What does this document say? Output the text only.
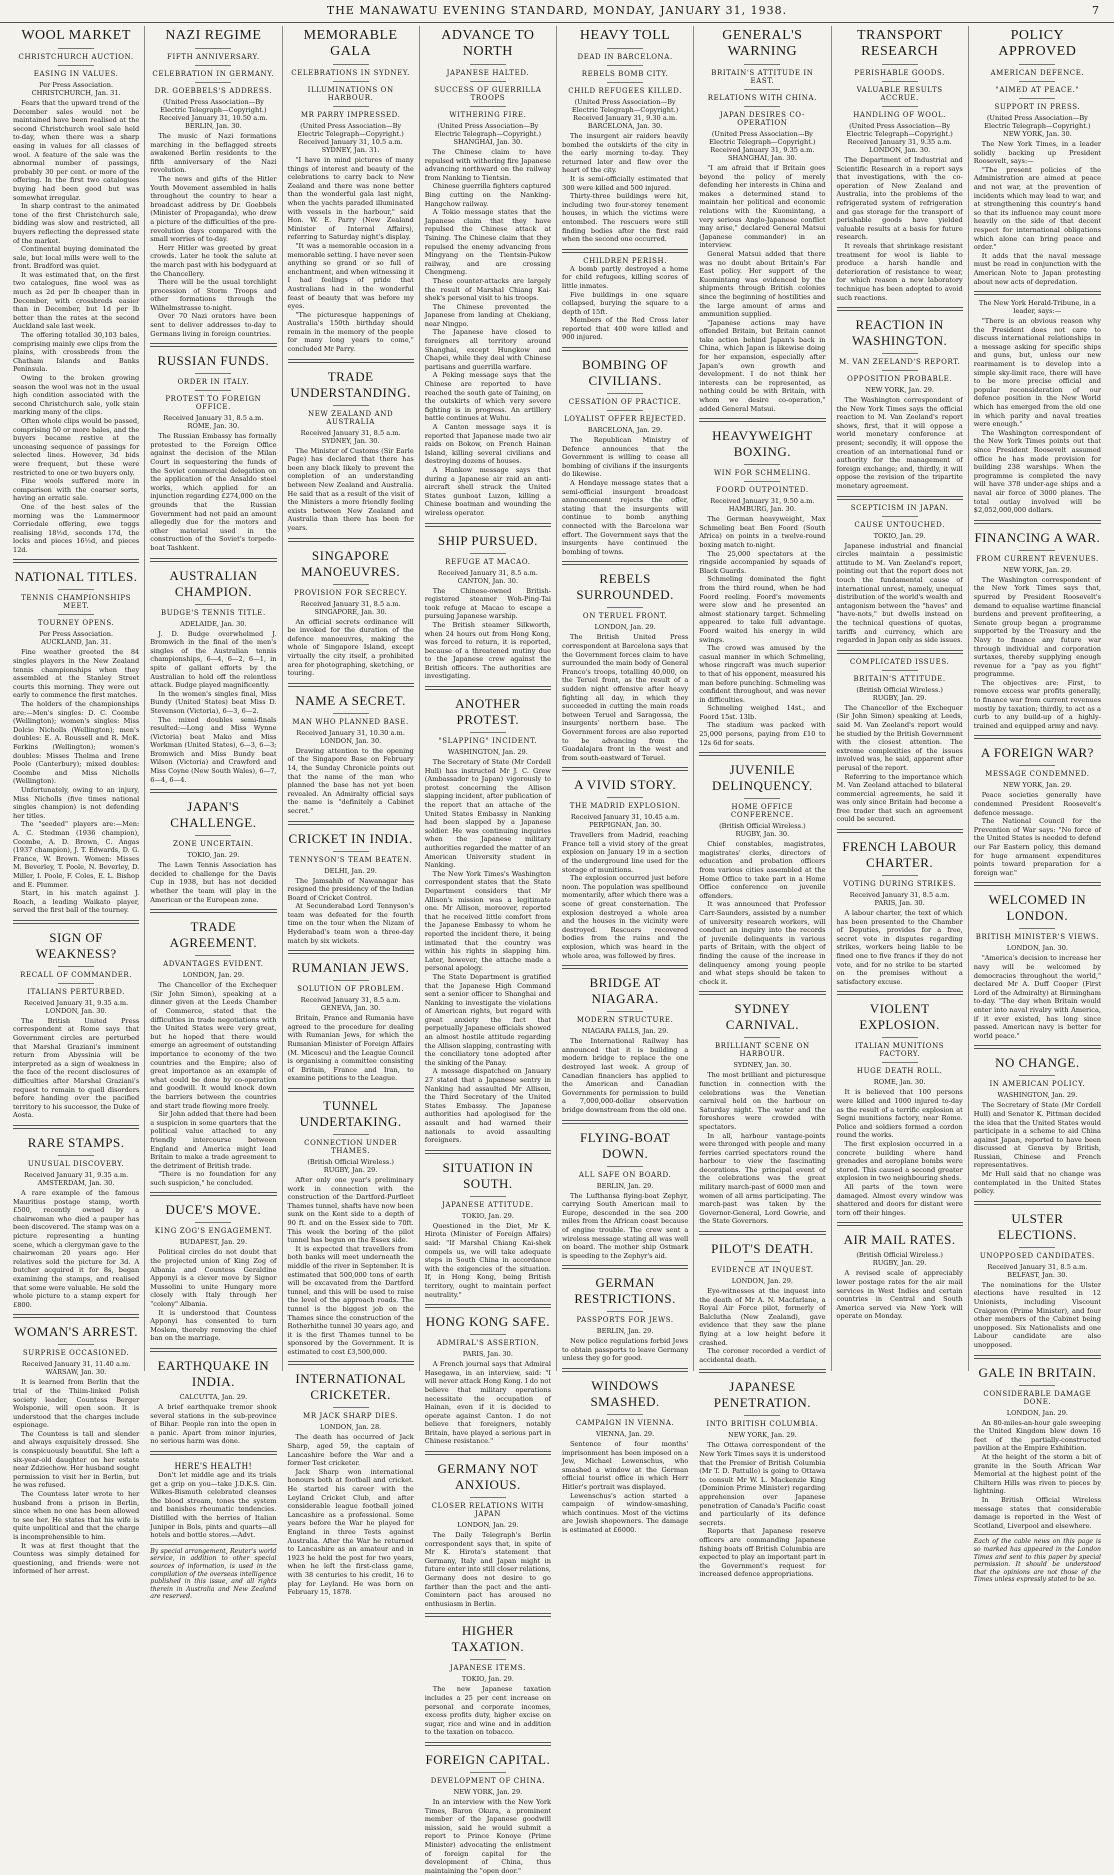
THE MANAWATU EVENING STANDARD, MONDAY, JANUARY 31, 1938.	7
WOOL MARKET
CHRISTCHURCH AUCTION.
EASING IN VALUES.
Per Press Association.
CHRISTCHURCH, Jan. 31.

Fears that the upward trend of the December sales would not be maintained have been realised at the second Christchurch wool sale held to-day, when there was a sharp easing in values for all classes of wool. A feature of the sale was the abnormal number of passings, probably 30 per cent. or more of the offering. In the first two catalogues buying had been good but was somewhat irregular.

In sharp contrast to the animated tone of the first Christchurch sale, bidding was slow and restricted, all buyers reflecting the depressed state of the market.

Continental buying dominated the sale, but local mills were well to the front. Bradford was quiet.

It was estimated that, on the first two catalogues, fine wool was as much as 2d per lb cheaper than in December, with crossbreds easier than in December, but 1d per lb better than the rates at the second Auckland sale last week.

The offering totalled 30,103 bales, comprising mainly ewe clips from the plains, with crossbreds from the Chatham Islands and Banks Peninsula.

Owing to the broken growing season the wool was not in the usual high condition associated with the second Christchurch sale, yolk stain marking many of the clips.

Often whole clips would be passed, comprising 50 or more bales, and the buyers became restive at the unceasing sequence of passings for selected lines. However, 3d bids were frequent, but these were restricted to one or two buyers only.

Fine wools suffered more in comparison with the coarser sorts, having an erratic sale.

One of the best sales of the morning was the Lammermoor Corriedale offering, ewe toggs realising 18½d, seconds 17d, the locks and pieces 16½d, and pieces 12d.

NATIONAL TITLES.
TENNIS CHAMPIONSHIPS MEET.
TOURNEY OPENS.
Per Press Association.
AUCKLAND, Jan. 31.

Fine weather greeted the 84 singles players in the New Zealand tennis championships when they assembled at the Stanley Street courts this morning. They were out early to commence the first matches.

The holders of the championships are:—Men's singles: D. C. Coombe (Wellington); women's singles: Miss Dolcie Nicholls (Wellington); men's doubles: E. A. Roussell and R. McK. Ferkins (Wellington); women's doubles: Misses Thelma and Irene Poole (Canterbury); mixed doubles: Coombe and Miss Nicholls (Wellington).

Unfortunately, owing to an injury, Miss Nicholls (five times national singles champion) is not defending her titles.

The "seeded" players are:—Men: A. C. Stedman (1936 champion), Coombe, A. D. Brown, C. Angas (1937 champion), J. T. Edwards, D. G. France, W. Brown. Women: Misses M. Beverley, T. Poole, N. Beverley, D. Miller, I. Poole, F. Coles, E. L. Bishop and E. Plummer.

Start, in his match against J. Roach, a leading Waikato player, served the first ball of the tourney.

SIGN OF WEAKNESS?
RECALL OF COMMANDER.
ITALIANS PERTURBED.
Received January 31, 9.35 a.m.
LONDON, Jan. 30.

The British United Press correspondent at Rome says that Government circles are perturbed that Marshal Graziani's imminent return from Abyssinia will be interpreted as a sign of weakness in the face of the recent disclosures of difficulties after Marshal Graziani's request to remain to quell disorders before handing over the pacified territory to his successor, the Duke of Aosta.

RARE STAMPS.
UNUSUAL DISCOVERY.
Received January 31, 9.35 a.m.
AMSTERDAM, Jan. 30.

A rare example of the famous Mauritius postage stamp, worth £500, recently owned by a chairwoman who died a pauper has been discovered. The stamp was on a picture representing a hunting scene, which a clergyman gave to the chairwoman 20 years ago. Her relatives sold the picture for 3d. A butcher acquired it for 8s, began examining the stamps, and realised that some were valuable. He sold the whole picture to a stamp expert for £800.

WOMAN'S ARREST.
SURPRISE OCCASIONED.
Received January 31, 11.40 a.m.
WARSAW, Jan. 30.

It is learned from Berlin that the trial of the Thiim-linked Polish society leader, Countess Berger Wolsponie, will open soon. It is understood that the charges include espionage.

The Countess is tall and slender and always exquisitely dressed. She is conspicuously beautiful. She left a six-year-old daughter on her estate near Zdziechow. Her husband sought permission to visit her in Berlin, but he was refused.

The Countess later wrote to her husband from a prison in Berlin, since when no one has been allowed to see her. He states that his wife is quite unpolitical and that the charge is incomprehensible to him.

It was at first thought that the Countess was simply detained for questioning, and friends were not informed of her arrest.

NAZI REGIME
FIFTH ANNIVERSARY.
CELEBRATION IN GERMANY.
DR. GOEBBELS'S ADDRESS.
(United Press Association—By Electric Telegraph—Copyright.)
Received January 31, 10.50 a.m.
BERLIN, Jan. 30.

The music of Nazi formations marching in the beflagged streets awakened Berlin residents to the fifth anniversary of the Nazi revolution.

The news and gifts of the Hitler Youth Movement assembled in halls throughout the country to hear a broadcast address by Dr. Goebbels (Minister of Propaganda), who drew a picture of the difficulties of the pre-revolution days compared with the small worries of to-day.

Herr Hitler was greeted by great crowds. Later he took the salute at the march past with his bodyguard at the Chancellery.

There will be the usual torchlight procession of Storm Troops and other formations through the Wilhelmstrasse to-night.

Over 70 Nazi orators have been sent to deliver addresses to-day to Germans living in foreign countries.

RUSSIAN FUNDS.
ORDER IN ITALY.
PROTEST TO FOREIGN OFFICE.
Received January 31, 8.5 a.m.
ROME, Jan. 30.

The Russian Embassy has formally protested to the Foreign Office against the decision of the Milan Court in sequestering the funds of the Soviet commercial delegation on the application of the Ansaldo steel works, which applied for an injunction regarding £274,000 on the grounds that the Russian Government had not paid an amount allegedly due for the motors and other material used in the construction of the Soviet's torpedo-boat Tashkent.

AUSTRALIAN CHAMPION.
BUDGE'S TENNIS TITLE.
ADELAIDE, Jan. 30.

J. D. Budge overwhelmed J. Bromwich in the final of the men's singles of the Australian tennis championships, 6—4, 6—2, 6—1, in spite of gallant efforts by the Australian to hold off the relentless attack. Budge played magnificently.

In the women's singles final, Miss Bundy (United States) beat Miss D. Stevenson (Victoria), 6—3, 6—2.

The mixed doubles semi-finals resulted:—Long and Miss Wynne (Victoria) beat Mako and Miss Workman (United States), 6—3, 6—3; Bromwich and Miss Bundy beat Wilson (Victoria) and Crawford and Miss Coyne (New South Wales), 6—7, 6—4, 6—4.

JAPAN'S CHALLENGE.
ZONE UNCERTAIN.
TOKIO, Jan. 29.

The Lawn Tennis Association has decided to challenge for the Davis Cup in 1938, but has not decided whether the team will play in the American or the European zone.

TRADE AGREEMENT.
ADVANTAGES EVIDENT.
LONDON, Jan. 29.

The Chancellor of the Exchequer (Sir John Simon), speaking at a dinner given at the Leeds Chamber of Commerce, stated that the difficulties in trade negotiations with the United States were very great, but he hoped that there would emerge an agreement of outstanding importance to economy of the two countries and the Empire; also of great importance as an example of what could be done by co-operation and goodwill. It would knock down the barriers between the countries and start trade flowing more freely.

Sir John added that there had been a suspicion in some quarters that the political value attached to any friendly intercourse between England and America might lead Britain to make a trade agreement to the detriment of British trade.

"There is no foundation for any such suspicion," he concluded.

DUCE'S MOVE.
KING ZOG'S ENGAGEMENT.
BUDAPEST, Jan. 29.

Political circles do not doubt that the projected union of King Zog of Albania and Countess Geraldine Apponyi is a clever move by Signor Mussolini to unite Hungary more closely with Italy through her "colony" Albania.

It is understood that Countess Apponyi has consented to turn Moslem, thereby removing the chief ban on the marriage.

EARTHQUAKE IN INDIA.
CALCUTTA, Jan. 29.

A brief earthquake tremor shook several stations in the sub-province of Bihar. People ran into the open in a panic. Apart from minor injuries, no serious harm was done.

HERE'S HEALTH!

Don't let middle age and its trials get a grip on you—take J.D.K.S. Gin. Wilkes-Bismuth celebrated cleanses the blood stream, tones the system and banishes rheumatic tendencies. Distilled with the berries of Italian Juniper in Bols, pints and quarts—all hotels and bottle stores.—Advt.

By special arrangement, Reuter's world service, in addition to other special sources of information, is used in the compilation of the overseas intelligence published in this issue, and all rights therein in Australia and New Zealand are reserved.
MEMORABLE GALA
CELEBRATIONS IN SYDNEY.
ILLUMINATIONS ON HARBOUR.
MR PARRY IMPRESSED.
(United Press Association—By Electric Telegraph—Copyright.)
Received January 31, 10.5 a.m.
SYDNEY, Jan. 31.

"I have in mind pictures of many things of interest and beauty of the celebrations to carry back to New Zealand and there was none better than the wonderful gala last night, when the yachts paraded illuminated with vessels in the harbour," said Hon. W. E. Parry (New Zealand Minister of Internal Affairs), referring to Saturday night's display.

"It was a memorable occasion in a memorable setting. I have never seen anything so grand or so full of enchantment, and when witnessing it I had feelings of pride that Australians had in the wonderful feast of beauty that was before my eyes.

"The picturesque happenings of Australia's 150th birthday should remain in the memory of the people for many long years to come," concluded Mr Parry.

TRADE UNDERSTANDING.
NEW ZEALAND AND AUSTRALIA
Received January 31, 8.5 a.m.
SYDNEY, Jan. 30.

The Minister of Customs (Sir Earle Page) has declared that there has been any black likely to prevent the completion of an understanding between New Zealand and Australia. He said that as a result of the visit of the Ministers a more friendly feeling exists between New Zealand and Australia than there has been for years.

SINGAPORE MANOEUVRES.
PROVISION FOR SECRECY.
Received January 31, 8.5 a.m.
SINGAPORE, Jan. 30.

An official secrets ordinance will be invoked for the duration of the defence manoeuvres, making the whole of Singapore Island, except virtually the city itself, a prohibited area for photographing, sketching, or touring.

NAME A SECRET.
MAN WHO PLANNED BASE.
Received January 31, 10.30 a.m.
LONDON, Jan. 30.

Drawing attention to the opening of the Singapore Base on February 14, the Sunday Chronicle points out that the name of the man who planned the base has not yet been revealed. An Admiralty official says the name is "definitely a Cabinet secret."

CRICKET IN INDIA.
TENNYSON'S TEAM BEATEN.
DELHI, Jan. 29.

The Jamsahib of Nawanagar has resigned the presidency of the Indian Board of Cricket Control.

At Secunderabad Lord Tennyson's team was defeated for the fourth time on the tour when the Nizam of Hyderabad's team won a three-day match by six wickets.

RUMANIAN JEWS.
SOLUTION OF PROBLEM.
Received January 31, 8.5 a.m.
GENEVA, Jan. 30.

Britain, France and Rumania have agreed to the procedure for dealing with Rumanian Jews, for which the Rumanian Minister of Foreign Affairs (M. Micescu) and the League Council is organising a committee consisting of Britain, France and Iran, to examine petitions to the League.

TUNNEL UNDERTAKING.
CONNECTION UNDER THAMES.
(British Official Wireless.)
RUGBY, Jan. 29.

After only one year's preliminary work in connection with the construction of the Dartford-Purfleet Thames tunnel, shafts have now been sunk on the Kent side to a depth of 90 ft. and on the Essex side to 70ft. This week the boring of the pilot tunnel has begun on the Essex side.

It is expected that travellers from both banks will meet underneath the middle of the river in September. It is estimated that 500,000 tons of earth will be excavated from the Dartford tunnel, and this will be used to raise the level of the approach roads. The tunnel is the biggest job on the Thames since the construction of the Rotherhithe tunnel 30 years ago, and it is the first Thames tunnel to be sponsored by the Government. It is estimated to cost £3,500,000.

INTERNATIONAL CRICKETER.
MR JACK SHARP DIES.
LONDON, Jan. 28.

The death has occurred of Jack Sharp, aged 59, the captain of Lancashire before the War and a former Test cricketer.

Jack Sharp won international honours both at football and cricket. He started his career with the Leyland Cricket Club, and after considerable league football joined Lancashire as a professional. Some years before the War he played for England in three Tests against Australia. After the War he returned to Lancashire as an amateur and in 1923 he held the post for two years, when he left the first-class game, with 38 centuries to his credit, 16 to play for Leyland. He was born on February 15, 1878.

ADVANCE TO NORTH
JAPANESE HALTED.
SUCCESS OF GUERRILLA TROOPS
WITHERING FIRE.
(United Press Association—By Electric Telegraph—Copyright.)
SHANGHAI, Jan. 30.

The Chinese claim to have repulsed with withering fire Japanese advancing northward on the railway from Nanking to Tientsin.

Chinese guerrilla fighters captured Bing cutting on the Nanking-Hangchow railway.

A Tokio message states that the Japanese claim that they have repulsed the Chinese attack at Tsining. The Chinese claim that they repulsed the enemy advancing from Mingyang on the Tientsin-Pukow railway, and are crossing Chengmeng.

These counter-attacks are largely the result of Marshal Chiang Kai-shek's personal visit to his troops.

The Chinese prevented the Japanese from landing at Chekiang, near Ningpo.

The Japanese have closed to foreigners all territory around Shanghai, except Hungkow and Chapei, while they deal with Chinese partisans and guerrilla warfare.

A Peking message says that the Chinese are reported to have reached the south gate of Taining, on the outskirts of which very severe fighting is in progress. An artillery battle continues at Wuhu.

A Canton message says it is reported that Japanese made two air raids on Bokow, on French Hainan Island, killing several civilians and destroying dozens of houses.

A Hankow message says that during a Japanese air raid an anti-aircraft shell struck the United States gunboat Luzon, killing a Chinese boatman and wounding the wireless operator.

SHIP PURSUED.
REFUGE AT MACAO.
Received January 31, 8.5 a.m.
CANTON, Jan. 30.

The Chinese-owned British-registered steamer Woh-Ping-Tai took refuge at Macao to escape a pursuing Japanese warship.

The British steamer Silkworth, when 24 hours out from Hong Kong, was forced to return, it is reported, because of a threatened mutiny due to the Japanese crew against the British officers. The authorities are investigating.

ANOTHER PROTEST.
"SLAPPING" INCIDENT.
WASHINGTON, Jan. 29.

The Secretary of State (Mr Cordell Hull) has instructed Mr J. C. Grew (Ambassador to Japan) vigorously to protest concerning the Allison slapping incident, after publication of the report that an attache of the United States Embassy in Nanking had been slapped by a Japanese soldier. He was continuing inquiries when the Japanese military authorities regarded the matter of an American University student in Nanking.

The New York Times's Washington correspondent states that the State Department considers that Mr Allison's mission was a legitimate one. Mr Allison, moreover, reported that he received little comfort from the Japanese Embassy to whom he reported the incident there, it being intimated that the country was within his rights in slapping him. Later, however, the attache made a personal apology.

The State Department is gratified that the Japanese High Command sent a senior officer to Shanghai and Nanking to investigate the violations of American rights, but regard with great anxiety the fact that perpetually Japanese officials showed an almost hostile attitude regarding the Allison slapping, contrasting with the conciliatory tone adopted after the sinking of the Panay.

A message dispatched on January 27 stated that a Japanese sentry in Nanking had assaulted Mr Allison, the Third Secretary of the United States Embassy. The Japanese authorities had apologised for the assault and had warned their nationals to avoid assaulting foreigners.

SITUATION IN SOUTH.
JAPANESE ATTITUDE.
TOKIO, Jan. 29.

Questioned in the Diet, Mr K. Hirota (Minister of Foreign Affairs) said: "If Marshal Chiang Kai-shek compels us, we will take adequate steps in South China in accordance with the exigencies of the situation. If, in Hong Kong, being British territory, ought to maintain perfect neutrality."

HONG KONG SAFE.
ADMIRAL'S ASSERTION.
PARIS, Jan. 30.

A French journal says that Admiral Hasegawa, in an interview, said: "I will never attack Hong Kong. I do not believe that military operations necessitate the occupation of Hainan, even if it is decided to operate against Canton. I do not believe that foreigners, notably Britain, have played a serious part in Chinese resistance."

GERMANY NOT ANXIOUS.
CLOSER RELATIONS WITH JAPAN
LONDON, Jan. 29.

The Daily Telegraph's Berlin correspondent says that, in spite of Mr K. Hirota's statement that Germany, Italy and Japan might in future enter into still closer relations, Germany does not desire to go farther than the pact and the anti-Comintern pact has aroused no enthusiasm in Berlin.

HIGHER TAXATION.
JAPANESE ITEMS.
TOKIO, Jan. 29.

The new Japanese taxation includes a 25 per cent increase on personal and corporate incomes, excess profits duty, higher excise on sugar, rice and wine and in addition to the taxation on tobacco.

FOREIGN CAPITAL.
DEVELOPMENT OF CHINA.
NEW YORK, Jan. 29.

In an interview with the New York Times, Baron Okura, a prominent member of the Japanese goodwill mission, said he would submit a report to Prince Konoye (Prime Minister) advocating the enlistment of foreign capital for the development of China, thus maintaining the "open door."

HEAVY TOLL
DEAD IN BARCELONA.
REBELS BOMB CITY.
CHILD REFUGEES KILLED.
(United Press Association—By Electric Telegraph—Copyright.)
Received January 31, 9.30 a.m.
BARCELONA, Jan. 30.

The insurgent air raiders heavily bombed the outskirts of the city in the early morning to-day. They returned later and flew over the heart of the city.

It is semi-officially estimated that 300 were killed and 500 injured.

Thirty-three buildings were hit, including two four-storey tenement houses, in which the victims were entombed. The rescuers were still finding bodies after the first raid when the second one occurred.

CHILDREN PERISH.

A bomb partly destroyed a home for child refugees, killing scores of little inmates.

Five buildings in one square collapsed, burying the square to a depth of 15ft.

Members of the Red Cross later reported that 400 were killed and 900 injured.

BOMBING OF CIVILIANS.
CESSATION OF PRACTICE.
LOYALIST OFFER REJECTED.
BARCELONA, Jan. 29.

The Republican Ministry of Defence announces that the Government is willing to cease all bombing of civilians if the insurgents do likewise.

A Hendaye message states that a semi-official insurgent broadcast announcement rejects the offer, stating that the insurgents will continue to bomb anything connected with the Barcelona war effort. The Government says that the insurgents have continued the bombing of towns.

REBELS SURROUNDED.
ON TERUEL FRONT.
LONDON, Jan. 29.

The British United Press correspondent at Barcelona says that the Government forces claim to have surrounded the main body of General Franco's troops, totalling 40,000, on the Teruel front, as the result of a sudden night offensive after heavy fighting all day, in which they succeeded in cutting the main roads between Teruel and Saragossa, the insurgents' northern base. The Government forces are also reported to be advancing from the Guadalajara front in the west and from south-eastward of Teruel.

A VIVID STORY.
THE MADRID EXPLOSION.
Received January 31, 10.45 a.m.
PERPIGNAN, Jan. 30.

Travellers from Madrid, reaching France tell a vivid story of the great explosion on January 19 in a section of the underground line used for the storage of munitions.

The explosion occurred just before noon. The population was spellbound momentarily, after which there was a scene of great consternation. The explosion destroyed a whole area and the houses in the vicinity were destroyed. Rescuers recovered bodies from the ruins and the explosion, which was heard in the whole area, was followed by fires.

BRIDGE AT NIAGARA.
MODERN STRUCTURE.
NIAGARA FALLS, Jan. 29.

The International Railway has announced that it is building a modern bridge to replace the one destroyed last week. A group of Canadian financiers has applied to the American and Canadian Governments for permission to build a 7,000,000-dollar observation bridge downstream from the old one.

FLYING-BOAT DOWN.
ALL SAFE ON BOARD.
BERLIN, Jan. 29.

The Lufthansa flying-boat Zephyr, carrying South American mail to Europe, descended in the sea 200 miles from the African coast because of engine trouble. The crew sent a wireless message stating all was well on board. The mother ship Ostmark is speeding to the Zephyr's aid.

GERMAN RESTRICTIONS.
PASSPORTS FOR JEWS.
BERLIN, Jan. 29.

New police regulations forbid Jews to obtain passports to leave Germany unless they go for good.

WINDOWS SMASHED.
CAMPAIGN IN VIENNA.
VIENNA, Jan. 29.

Sentence of four months' imprisonment has been imposed on a Jew, Michael Lewenschus, who smashed a window at the German official tourist office in which Herr Hitler's portrait was displayed.

Lewenschus's action started a campaign of window-smashing, which continues. Most of the victims are Jewish shopowners. The damage is estimated at £6000.

GENERAL'S WARNING
BRITAIN'S ATTITUDE IN EAST.
RELATIONS WITH CHINA.
JAPAN DESIRES CO-OPERATION
(United Press Association—By Electric Telegraph—Copyright.)
Received January 31, 9.35 a.m.
SHANGHAI, Jan. 30.

"I am afraid that if Britain goes beyond the policy of merely defending her interests in China and makes a determined stand to maintain her political and economic relations with the Kuomintang, a very serious Anglo-Japanese conflict may arise," declared General Matsui (Japanese commander) in an interview.

General Matsui added that there was no doubt about Britain's Far East policy. Her support of the Kuomintang was evidenced by the shipments through British colonies since the beginning of hostilities and the large amount of arms and ammunition supplied.

"Japanese actions may have offended Britain, but Britain cannot take action behind Japan's back in China, which Japan is likewise doing for her expansion, especially after Japan's own growth and development. I do not think her interests can be represented, as nothing could be with Britain, with whom we desire co-operation," added General Matsui.

HEAVYWEIGHT BOXING.
WIN FOR SCHMELING.
FOORD OUTPOINTED.
Received January 31, 9.50 a.m.
HAMBURG, Jan. 30.

The German heavyweight, Max Schmeling beat Ben Foord (South Africa) on points in a twelve-round boxing match to-night.

The 25,000 spectators at the ringside accompanied by squads of Black Guards.

Schmeling dominated the fight from the third round, when he had Foord reeling. Foord's movements were slow and he presented an almost stationary target. Schmeling appeared to take full advantage. Foord waited his energy in wild swings.

The crowd was amused by the casual manner in which Schmeling, whose ringcraft was much superior to that of his opponent, measured his man before punching. Schmeling was confident throughout, and was never in difficulties.

Schmeling weighed 14st., and Foord 15st. 13lb.

The stadium was packed with 25,000 persons, paying from £10 to 12s 6d for seats.

JUVENILE DELINQUENCY.
HOME OFFICE CONFERENCE.
(British Official Wireless.)
RUGBY, Jan. 30.

Chief constables, magistrates, magistrates' clerks, directors of education and probation officers from various cities assembled at the Home Office to take part in a Home Office conference on juvenile offenders.

It was announced that Professor Carr-Saunders, assisted by a number of university research workers, will conduct an inquiry into the records of juvenile delinquents in various parts of Britain, with the object of finding the cause of the increase in delinquency among young people and what steps should be taken to check it.

SYDNEY CARNIVAL.
BRILLIANT SCENE ON HARBOUR.
SYDNEY, Jan. 30.

The most brilliant and picturesque function in connection with the celebrations was the Venetian carnival held on the harbour on Saturday night. The water and the foreshores were crowded with spectators.

In all, harbour vantage-points were thronged with people and many ferries carried spectators round the harbour to view the fascinating decorations. The principal event of the celebrations was the great military march-past of 6000 men and women of all arms participating. The march-past was taken by the Governor-General, Lord Gowrie, and the State Governors.

PILOT'S DEATH.
EVIDENCE AT INQUEST.
LONDON, Jan. 29.

Eye-witnesses at the inquest into the death of Mr A. N. Macfarlane, a Royal Air Force pilot, formerly of Balclutha (New Zealand), gave evidence that they saw the plane flying at a low height before it crashed.

The coroner recorded a verdict of accidental death.

JAPANESE PENETRATION.
INTO BRITISH COLUMBIA.
NEW YORK, Jan. 29.

The Ottawa correspondent of the New York Times says it is understood that the Premier of British Columbia (Mr T. D. Pattullo) is going to Ottawa to consult Mr W. L. Mackenzie King (Dominion Prime Minister) regarding apprehension over Japanese penetration of Canada's Pacific coast and particularly of its defence secrets.

Reports that Japanese reserve officers are commanding Japanese fishing boats off British Columbia are expected to play an important part in the Government's request for increased defence appropriations.

TRANSPORT RESEARCH
PERISHABLE GOODS.
VALUABLE RESULTS ACCRUE.
HANDLING OF WOOL.
(United Press Association—By Electric Telegraph—Copyright.)
Received January 31, 9.35 a.m.
LONDON, Jan. 30.

The Department of Industrial and Scientific Research in a report says that investigations, with the co-operation of New Zealand and Australia, into the problems of the refrigerated system of refrigeration and gas storage for the transport of perishable goods have yielded valuable results at a basis for future research.

It reveals that shrinkage resistant treatment for wool is liable to produce a harsh handle and deterioration of resistance to wear, for which reason a new laboratory technique has been adopted to avoid such reactions.

REACTION IN WASHINGTON.
M. VAN ZEELAND'S REPORT.
OPPOSITION PROBABLE.
NEW YORK, Jan. 29.

The Washington correspondent of the New York Times says the official reaction to M. Van Zeeland's report shows, first, that it will oppose a world monetary conference at present; secondly, it will oppose the creation of an international fund or authority for the management of foreign exchange; and, thirdly, it will oppose the revision of the tripartite monetary agreement.

SCEPTICISM IN JAPAN.
CAUSE UNTOUCHED.
TOKIO, Jan. 29.

Japanese industrial and financial circles maintain a pessimistic attitude to M. Van Zeeland's report, pointing out that the report does not touch the fundamental cause of international unrest, namely, unequal distribution of the world's wealth and antagonism between the "haves" and "have-nots," but dwells instead on the technical questions of quotas, tariffs and currency, which are regarded in Japan only as side issues.

COMPLICATED ISSUES.
BRITAIN'S ATTITUDE.
(British Official Wireless.)
RUGBY, Jan. 29.

The Chancellor of the Exchequer (Sir John Simon) speaking at Leeds, said M. Van Zeeland's report would be studied by the British Government with the closest attention. The extreme complexities of the issues involved was, he said, apparent after perusal of the report.

Referring to the importance which M. Van Zeeland attached to bilateral commercial agreements, he said it was only since Britain had become a free trader that such an agreement could be secured.

FRENCH LABOUR CHARTER.
VOTING DURING STRIKES.
Received January 31, 8.5 a.m.
PARIS, Jan. 30.

A labour charter, the text of which has been presented to the Chamber of Deputies, provides for a free, secret vote in disputes regarding strikes, workers being liable to be fined one to five francs if they do not vote, and for no strike to be started on the premises without a satisfactory excuse.

VIOLENT EXPLOSION.
ITALIAN MUNITIONS FACTORY.
HUGE DEATH ROLL.
ROME, Jan. 30.

It is believed that 100 persons were killed and 1000 injured to-day as the result of a terrific explosion at Segni munitions factory, near Rome. Police and soldiers formed a cordon round the works.

The first explosion occurred in a concrete building where hand grenades and aeroplane bombs were stored. This caused a second greater explosion in two neighbouring sheds.

All parts of the town were damaged. Almost every window was shattered and doors for distant were torn off their hinges.

AIR MAIL RATES.
(British Official Wireless.)
RUGBY, Jan. 29.

A revised scale of appreciably lower postage rates for the air mail services in West Indies and certain countries in Central and South America served via New York will operate on Monday.

POLICY APPROVED
AMERICAN DEFENCE.
"AIMED AT PEACE."
SUPPORT IN PRESS.
(United Press Association—By Electric Telegraph—Copyright.)
NEW YORK, Jan. 30.

The New York Times, in a leader solidly backing up President Roosevelt, says:—

"The present policies of the Administration are aimed at peace and not war, at the prevention of incidents which may lead to war, and at strengthening this country's hand so that its influence may count more heavily on the side of that decent respect for international obligations which alone can bring peace and order."

It adds that the naval message must be read in conjunction with the American Note to Japan protesting about new acts of depredation.

The New York Herald-Tribune, in a leader, says:—

"There is an obvious reason why the President does not care to discuss international relationships in a message asking for specific ships and guns, but, unless our new rearmament is to develop into a simple sky-limit race, there will have to be more precise official and popular reconsideration of our defence position in the New World which has emerged from the old one in which parity and naval treaties were enough."

The Washington correspondent of the New York Times points out that since President Roosevelt assumed office he has made provision for building 238 warships. When the programme is completed the navy will have 378 under-age ships and a naval air force of 3000 planes. The total outlay involved will be $2,052,000,000 dollars.

FINANCING A WAR.
FROM CURRENT REVENUES.
NEW YORK, Jan. 29.

The Washington correspondent of the New York Times says that, spurred by President Roosevelt's demand to equalise wartime financial burdens and prevent profiteering, a Senate group began a programme supported by the Treasury and the Navy to finance any future war through individual and corporation surtaxes, thereby supplying enough revenue for a "pay as you fight" programme.

The objectives are: First, to remove excess war profits generally, to finance war from current revenues mostly by taxation; thirdly, to act as a curb to any build-up of a highly-trained and equipped army and navy.

A FOREIGN WAR?
MESSAGE CONDEMNED.
NEW YORK, Jan. 29.

Peace societies generally have condemned President Roosevelt's defence message.

The National Council for the Prevention of War says: "No force of the United States is needed to defend our Far Eastern policy, this demand for huge armament expenditures points toward preparation for a foreign war."

WELCOMED IN LONDON.
BRITISH MINISTER'S VIEWS.
LONDON, Jan. 30.

"America's decision to increase her navy will be welcomed by democracies throughout the world," declared Mr A. Duff Cooper (First Lord of the Admiralty) at Birmingham to-day. "The day when Britain would enter into naval rivalry with America, if it ever existed, has long since passed. American navy is better for world peace."

NO CHANGE.
IN AMERICAN POLICY.
WASHINGTON, Jan. 29.

The Secretary of State (Mr Cordell Hull) and Senator K. Pittman decided the idea that the United States would participate in a scheme to aid China against Japan, reported to have been discussed at Geneva by British, Russian, Chinese and French representatives.

Mr Hull said that no change was contemplated in the United States policy.

ULSTER ELECTIONS.
UNOPPOSED CANDIDATES.
Received January 31, 8.5 a.m.
BELFAST, Jan. 30.

The nominations for the Ulster elections have resulted in 12 Unionists, including Viscount Craigavon (Prime Minister), and four other members of the Cabinet being unopposed. Six Nationalists and one Labour candidate are also unopposed.

GALE IN BRITAIN.
CONSIDERABLE DAMAGE DONE.
LONDON, Jan. 29.

An 80-miles-an-hour gale sweeping the United Kingdom blew down 16 feet of the partially-constructed pavilion at the Empire Exhibition.

At the height of the storm a bit of granite in the South African War Memorial at the highest point of the Chiltern Hills was riven to pieces by lightning.

In British Official Wireless message states that considerable damage is reported in the West of Scotland, Liverpool and elsewhere.

Each of the cable news on this page is so marked has appeared in the London Times and sent to this paper by special permission. It should be understood that the opinions are not those of the Times unless expressly stated to be so.
